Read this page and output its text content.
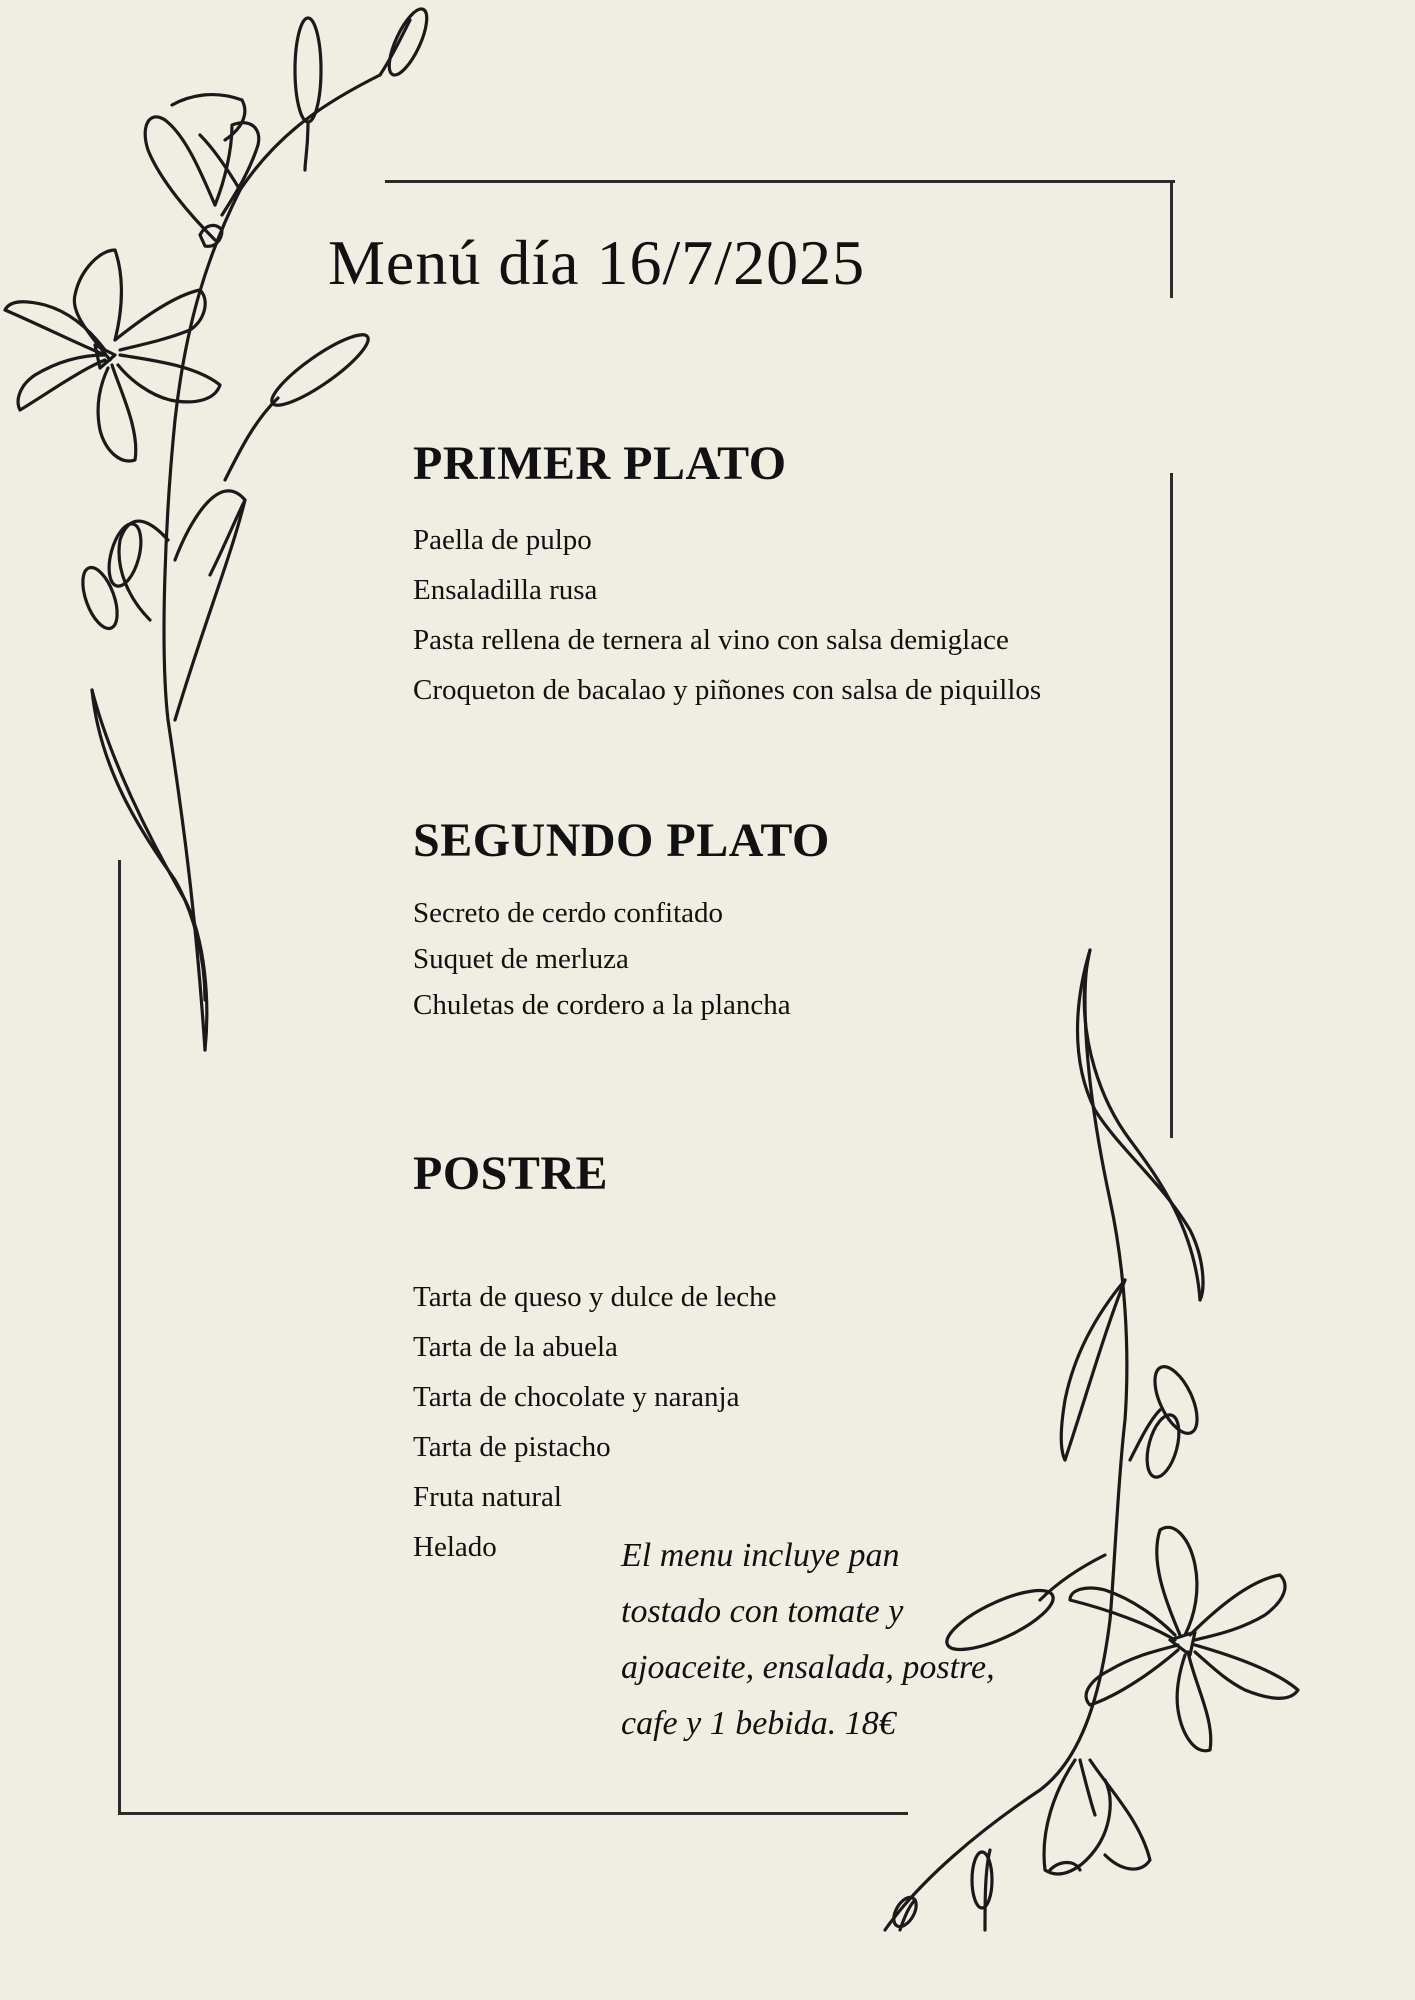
Menú día 16/7/2025
PRIMER PLATO
Paella de pulpo
Ensaladilla rusa
Pasta rellena de ternera al vino con salsa demiglace
Croqueton de bacalao y piñones con salsa de piquillos
SEGUNDO PLATO
Secreto de cerdo confitado
Suquet de merluza
Chuletas de cordero a la plancha
POSTRE
Tarta de queso y dulce de leche
Tarta de la abuela
Tarta de chocolate y naranja
Tarta de pistacho
Fruta natural
Helado	El menu incluye pan tostado con tomate y ajoaceite, ensalada, postre, cafe y 1 bebida. 18€
